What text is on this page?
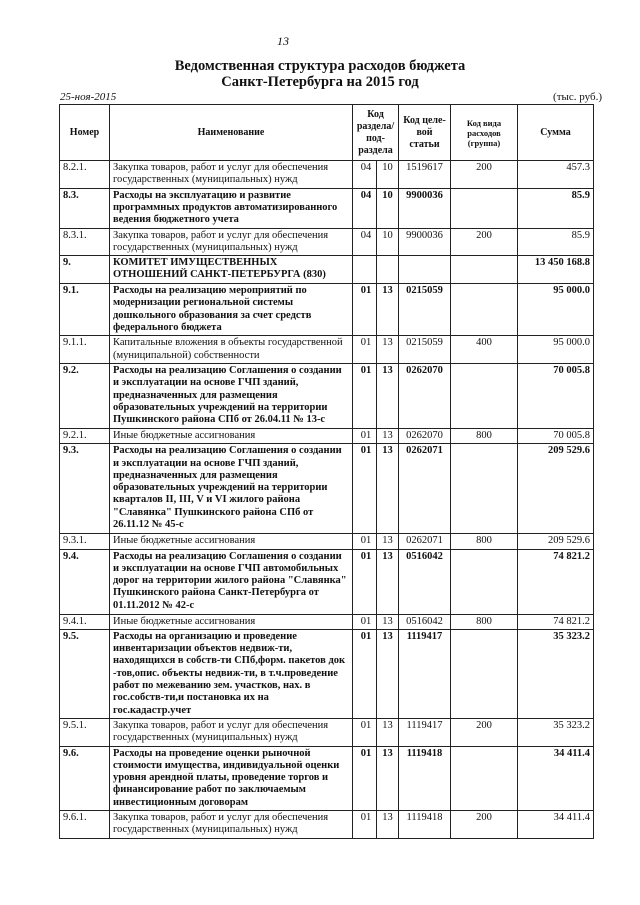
13
Ведомственная структура расходов бюджета
Санкт-Петербурга на 2015 год
25-ноя-2015	(тыс. руб.)
Номер	Наименование	Код раздела/ под- раздела		Код целе- вой статьи	Код вида расходов (группа)	Сумма
8.2.1.	Закупка товаров, работ и услуг для обеспечения государственных (муниципальных) нужд	04	10	1519617	200	457.3
8.3.	Расходы на эксплуатацию и развитие программных продуктов автоматизированного ведения бюджетного учета	04	10	9900036		85.9
8.3.1.	Закупка товаров, работ и услуг для обеспечения государственных (муниципальных) нужд	04	10	9900036	200	85.9
9.	КОМИТЕТ ИМУЩЕСТВЕННЫХ ОТНОШЕНИЙ САНКТ-ПЕТЕРБУРГА (830)					13 450 168.8
9.1.	Расходы на реализацию мероприятий по модернизации региональной системы дошкольного образования за счет средств федерального бюджета	01	13	0215059		95 000.0
9.1.1.	Капитальные вложения в объекты государственной (муниципальной) собственности	01	13	0215059	400	95 000.0
9.2.	Расходы на реализацию Соглашения о создании и эксплуатации на основе ГЧП зданий, предназначенных для размещения образовательных учреждений на территории Пушкинского района СПб от 26.04.11 № 13-с	01	13	0262070		70 005.8
9.2.1.	Иные бюджетные ассигнования	01	13	0262070	800	70 005.8
9.3.	Расходы на реализацию Соглашения о создании и эксплуатации на основе ГЧП зданий, предназначенных для размещения образовательных учреждений на территории кварталов II, III, V и VI жилого района "Славянка" Пушкинского района СПб от 26.11.12 № 45-с	01	13	0262071		209 529.6
9.3.1.	Иные бюджетные ассигнования	01	13	0262071	800	209 529.6
9.4.	Расходы на реализацию Соглашения о создании и эксплуатации на основе ГЧП автомобильных дорог на территории жилого района "Славянка" Пушкинского района Санкт-Петербурга от 01.11.2012 № 42-с	01	13	0516042		74 821.2
9.4.1.	Иные бюджетные ассигнования	01	13	0516042	800	74 821.2
9.5.	Расходы на организацию и проведение инвентаризации объектов недвиж-ти, находящихся в собств-ти СПб,форм. пакетов док -тов,опис. объекты недвиж-ти, в т.ч.проведение работ по межеванию зем. участков, нах. в гос.собств-ти,и постановка их на гос.кадастр.учет	01	13	1119417		35 323.2
9.5.1.	Закупка товаров, работ и услуг для обеспечения государственных (муниципальных) нужд	01	13	1119417	200	35 323.2
9.6.	Расходы на проведение оценки рыночной стоимости имущества, индивидуальной оценки уровня арендной платы, проведение торгов и финансирование работ по заключаемым инвестиционным договорам	01	13	1119418		34 411.4
9.6.1.	Закупка товаров, работ и услуг для обеспечения государственных (муниципальных) нужд	01	13	1119418	200	34 411.4
